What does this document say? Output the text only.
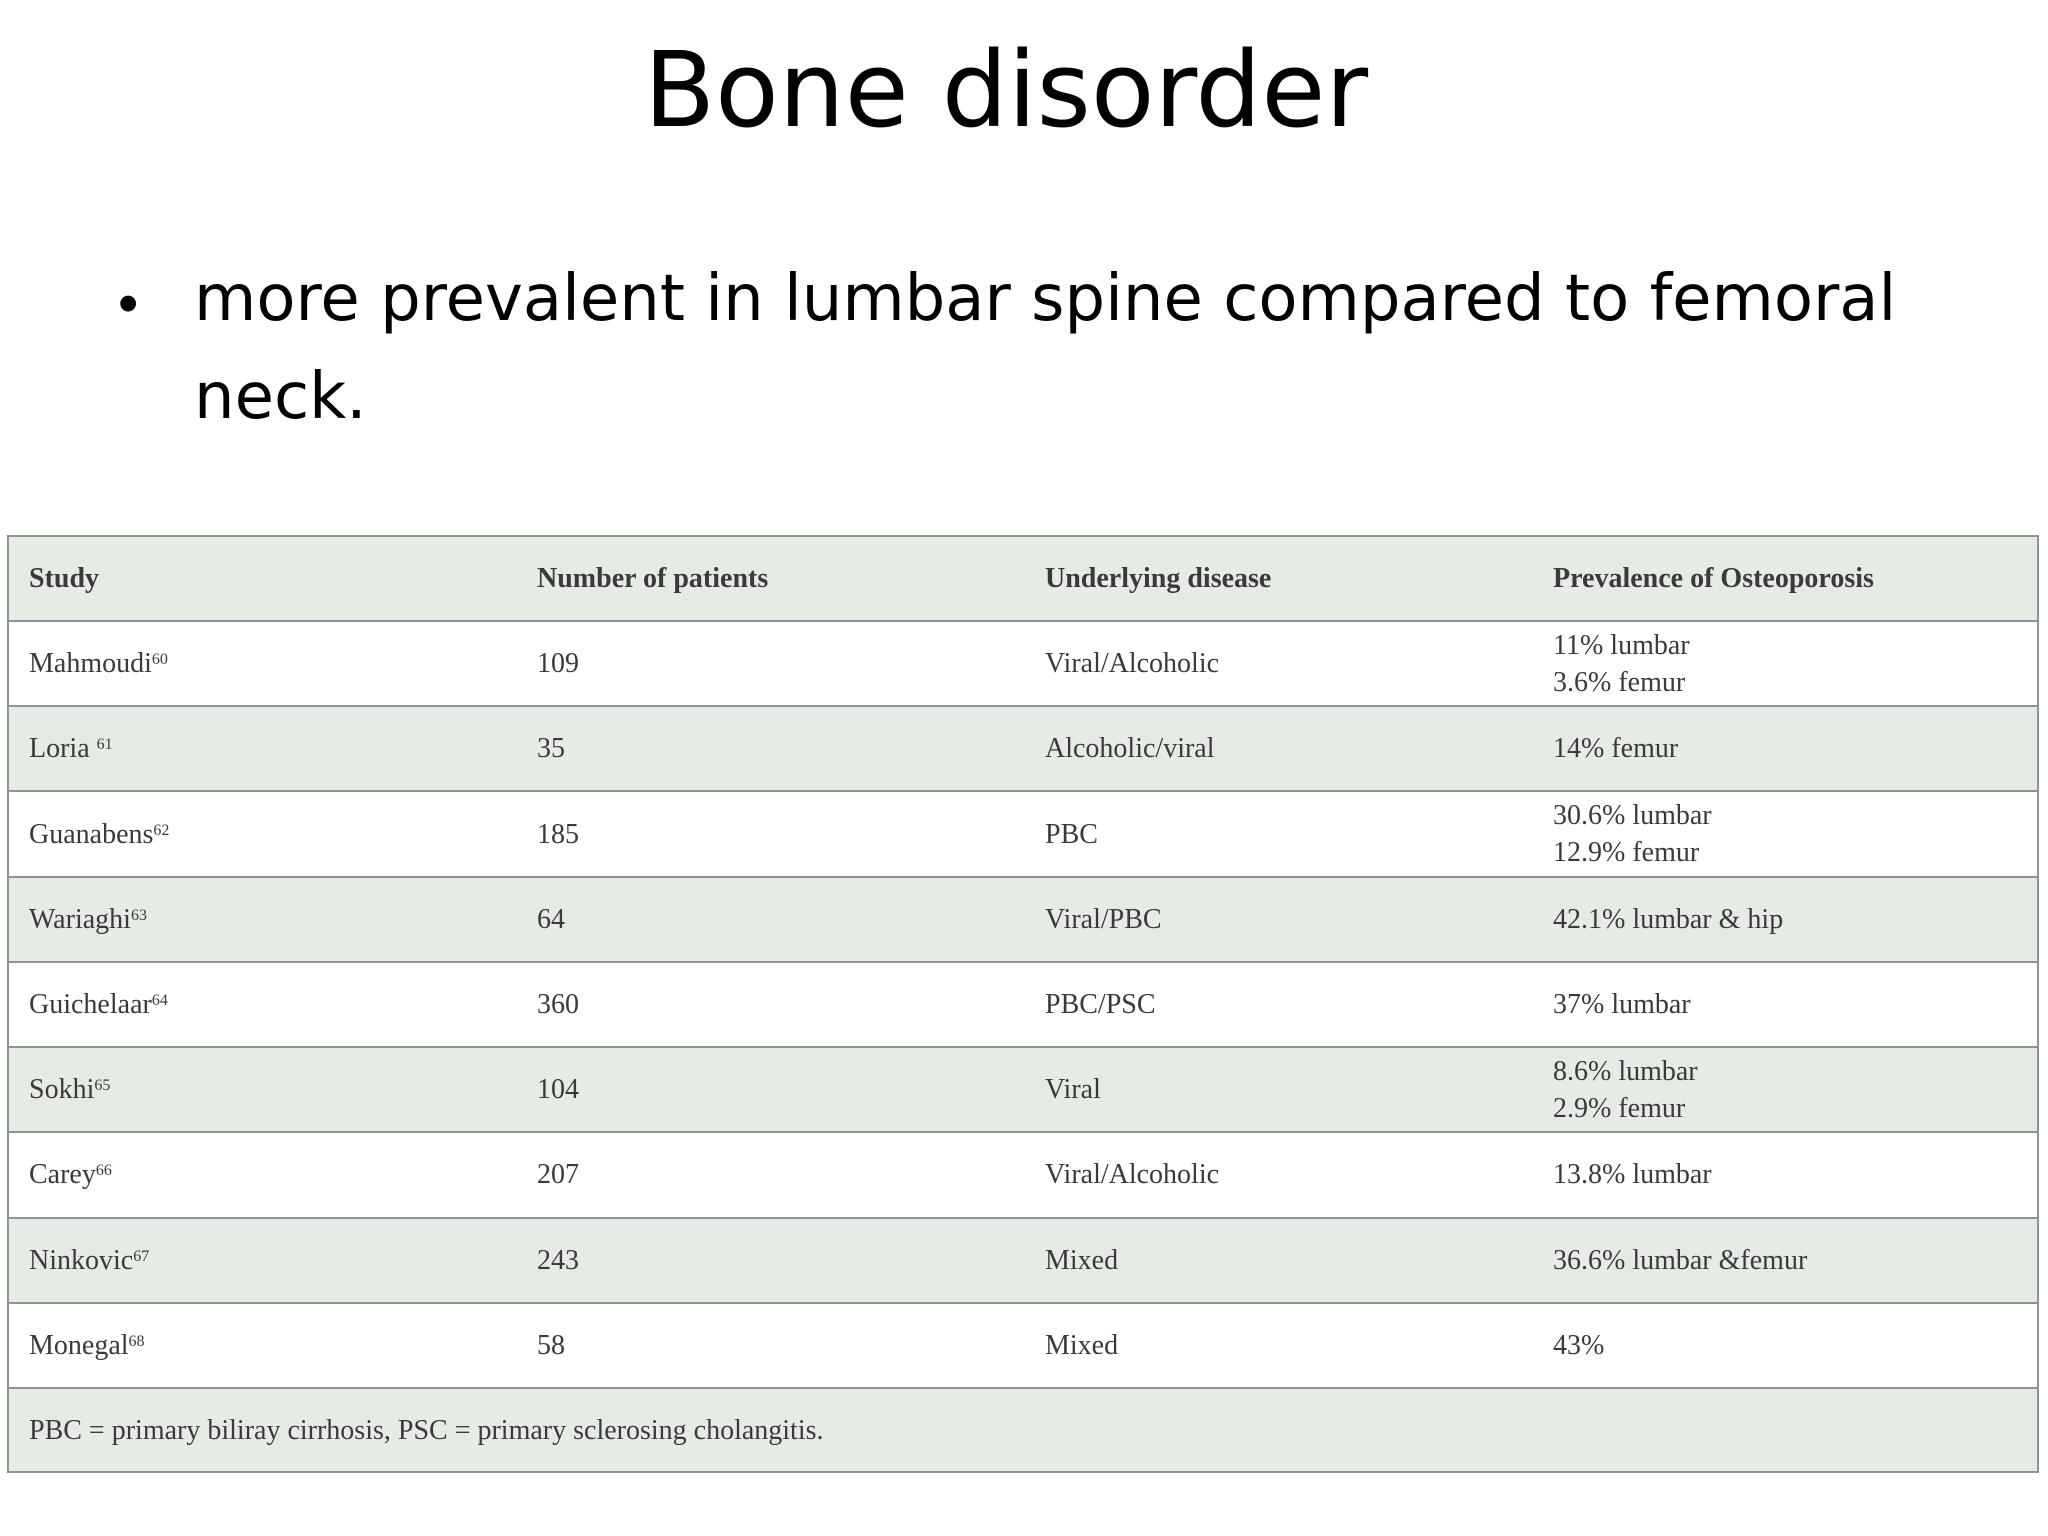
Bone disorder
• more prevalent in lumbar spine compared to femoral neck.
Study	Number of patients	Underlying disease	Prevalence of Osteoporosis
Mahmoudi$^{60}$	109	Viral/Alcoholic	11% lumbar
3.6% femur

Loria $^{61}$	35	Alcoholic/viral	14% femur

Guanabens$^{62}$	185	PBC	30.6% lumbar
12.9% femur

Wariaghi$^{63}$	64	Viral/PBC	42.1% lumbar & hip

Guichelaar$^{64}$	360	PBC/PSC	37% lumbar

Sokhi$^{65}$	104	Viral	8.6% lumbar
2.9% femur

Carey$^{66}$	207	Viral/Alcoholic	13.8% lumbar

Ninkovic$^{67}$	243	Mixed	36.6% lumbar &femur

Monegal$^{68}$	58	Mixed	43%

PBC = primary biliray cirrhosis, PSC = primary sclerosing cholangitis.			
